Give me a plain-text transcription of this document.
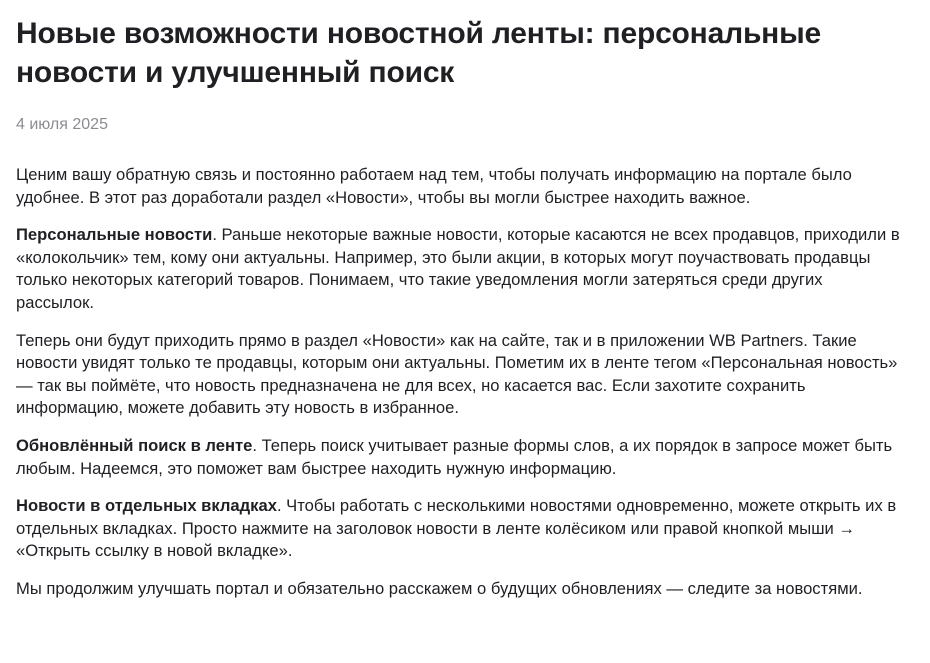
Новые возможности новостной ленты: персональные новости и улучшенный поиск
4 июля 2025

Ценим вашу обратную связь и постоянно работаем над тем, чтобы получать информацию на портале было удобнее. В этот раз доработали раздел «Новости», чтобы вы могли быстрее находить важное.

Персональные новости. Раньше некоторые важные новости, которые касаются не всех продавцов, приходили в «колокольчик» тем, кому они актуальны. Например, это были акции, в которых могут поучаствовать продавцы только некоторых категорий товаров. Понимаем, что такие уведомления могли затеряться среди других рассылок.

Теперь они будут приходить прямо в раздел «Новости» как на сайте, так и в приложении WB Partners. Такие новости увидят только те продавцы, которым они актуальны. Пометим их в ленте тегом «Персональная новость» — так вы поймёте, что новость предназначена не для всех, но касается вас. Если захотите сохранить информацию, можете добавить эту новость в избранное.

Обновлённый поиск в ленте. Теперь поиск учитывает разные формы слов, а их порядок в запросе может быть любым. Надеемся, это поможет вам быстрее находить нужную информацию.

Новости в отдельных вкладках. Чтобы работать с несколькими новостями одновременно, можете открыть их в отдельных вкладках. Просто нажмите на заголовок новости в ленте колёсиком или правой кнопкой мыши → «Открыть ссылку в новой вкладке».

Мы продолжим улучшать портал и обязательно расскажем о будущих обновлениях — следите за новостями.
